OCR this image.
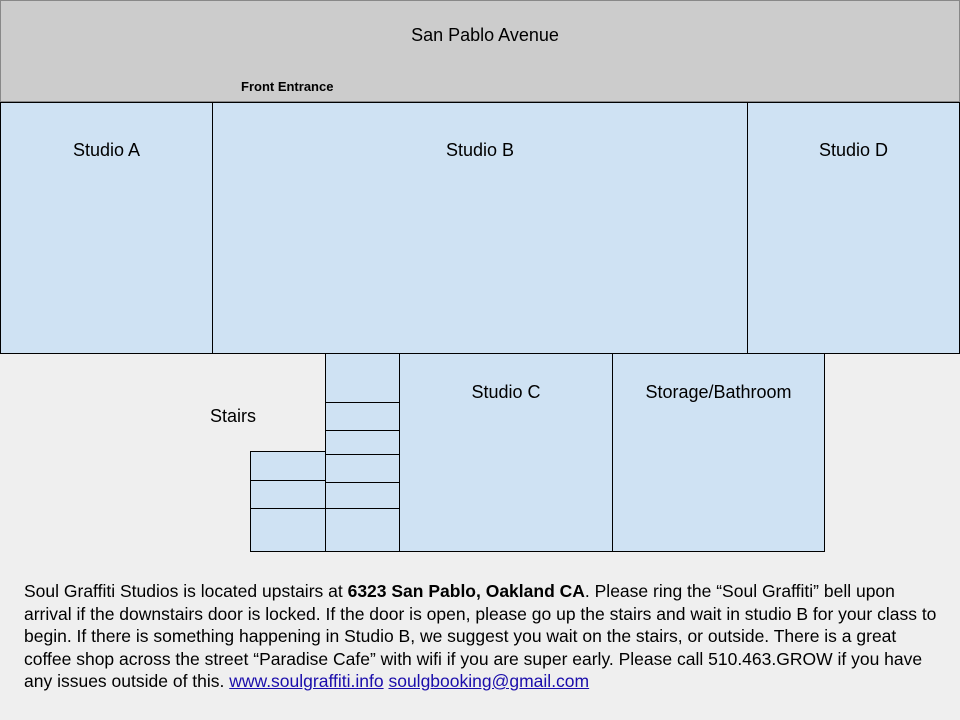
San Pablo Avenue
Front Entrance
Studio A	Studio B	Studio D
Stairs
Studio C	Storage/Bathroom
Soul Graffiti Studios is located upstairs at 6323 San Pablo, Oakland CA. Please ring the “Soul Graffiti” bell upon arrival if the downstairs door is locked. If the door is open, please go up the stairs and wait in studio B for your class to begin. If there is something happening in Studio B, we suggest you wait on the stairs, or outside. There is a great coffee shop across the street “Paradise Cafe” with wifi if you are super early. Please call 510.463.GROW if you have any issues outside of this. www.soulgraffiti.info soulgbooking@gmail.com
